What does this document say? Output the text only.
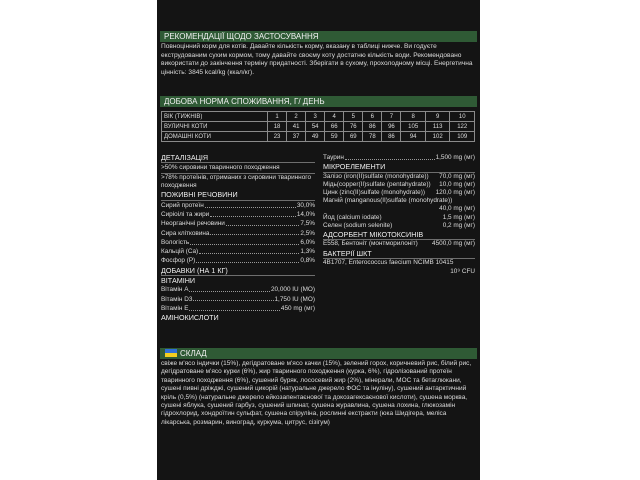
РЕКОМЕНДАЦІЇ ЩОДО ЗАСТОСУВАННЯ
Повноцінний корм для котів. Давайте кількість корму, вказану в таблиці нижче. Ви годуєте екструдованим сухим кормом, тому давайте своєму коту достатню кількість води. Рекомендовано використати до закінчення терміну придатності. Зберігати в сухому, прохолодному місці. Енергетична цінність: 3845 kcal/kg (ккал/кг).
ДОБОВА НОРМА СПОЖИВАННЯ, Г/ ДЕНЬ
ВІК (ТИЖНІВ)	1	2	3	4	5	6	7	8	9	10
ВУЛИЧНІ КОТИ	18	41	54	66	76	86	96	105	113	122
ДОМАШНІ КОТИ	23	37	49	59	69	78	86	94	102	109
ДЕТАЛІЗАЦІЯ
>50% сировини тваринного походження
>78% протеїнів, отриманих з сировини тваринного походження
ПОЖИВНІ РЕЧОВИНИ
Сирий протеїн	30,0%
Сиріоілі та жири	14,0%
Неорганічні речовини	7,5%
Сира клітковина	2,5%
Вологість	6,0%
Кальцій (Ca)	1,3%
Фосфор (P)	0,8%
ДОБАВКИ (НА 1 КГ)
ВІТАМІНИ
Вітамін A	20,000 IU (МО)
Вітамін D3	1,750 IU (МО)
Вітамін E	450 mg (мг)
АМІНОКИСЛОТИ
Таурин	1,500 mg (мг)
МІКРОЕЛЕМЕНТИ
Залізо (iron(II)sulfate (monohydrate)) 70,0 mg (мг)
Мідь(copper(II)sulfate (pentahydrate)) 10,0 mg (мг)
Цинк (zinc(II)sulfate (monohydrate)) 120,0 mg (мг)
Магній (manganous(II)sulfate (monohydrate))
40,0 mg (мг)
Йод (calcium iodate)	1,5 mg (мг)
Селен (sodium selenite)	0,2 mg (мг)
АДСОРБЕНТ МІКОТОКСИНІВ
E558, Бентоніт (монтморилоніт) 4500,0 mg (мг)
БАКТЕРІЇ ШКТ
4B1707, Enterococcus faecium NCIMB 10415
10⁹ CFU
СКЛАД
свіже м'ясо індички (15%), дегідратоване м'ясо качки (15%), зелений горох, коричневий рис, білий рис, дегідратоване м'ясо курки (6%), жир тваринного походження (курка, 6%), гідролізований протеїн тваринного походження (6%), сушений буряк, лососевий жир (2%), мінерали, МОС та бетаглюкани, сушені пивні дріжджі, сушений цикорій (натуральне джерело ФОС та інуліну), сушений антарктичний кріль (0,5%) (натуральне джерело ейкозапентаєнової та докозагексаєнової кислоти), сушена морква, сушені яблука, сушений гарбуз, сушений шпинат, сушена журавлина, сушена лохина, глюкозамін гідрохлорид, хондроїтин сульфат, сушена спіруліна, рослинні екстракти (юка Шидігера, меліса лікарська, розмарин, виноград, куркума, цитрус, сізігум)
